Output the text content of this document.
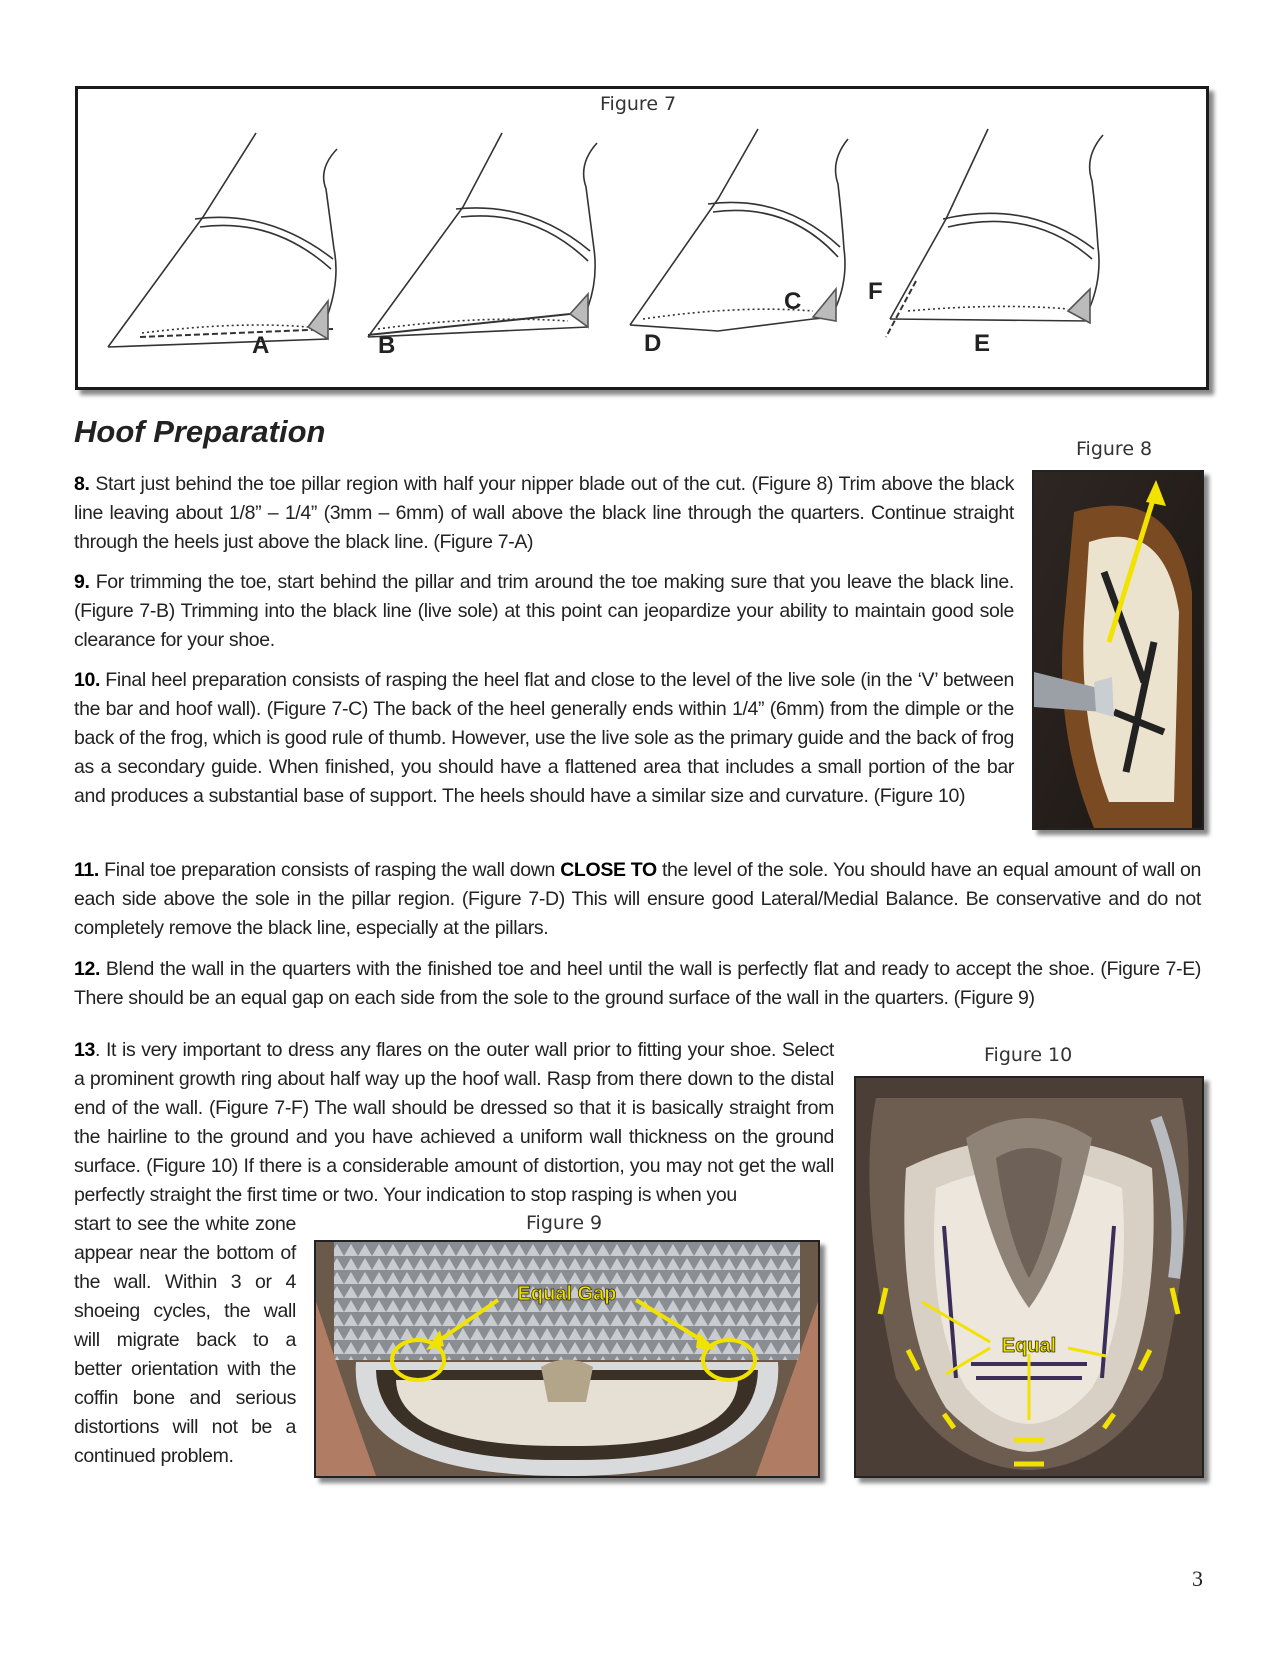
Figure 7
A	B
C
D	E
F
Hoof Preparation	Figure 8
8. Start just behind the toe pillar region with half your nipper blade out of the cut. (Figure 8) Trim above the black line leaving about 1/8” – 1/4” (3mm – 6mm) of wall above the black line through the quarters. Continue straight through the heels just above the black line. (Figure 7-A)
9. For trimming the toe, start behind the pillar and trim around the toe making sure that you leave the black line. (Figure 7-B) Trimming into the black line (live sole) at this point can jeopardize your ability to maintain good sole clearance for your shoe.
10. Final heel preparation consists of rasping the heel flat and close to the level of the live sole (in the ‘V’ between the bar and hoof wall). (Figure 7-C) The back of the heel generally ends within 1/4” (6mm) from the dimple or the back of the frog, which is good rule of thumb. However, use the live sole as the primary guide and the back of frog as a secondary guide. When finished, you should have a flattened area that includes a small portion of the bar and produces a substantial base of support. The heels should have a similar size and curvature. (Figure 10)
11. Final toe preparation consists of rasping the wall down CLOSE TO the level of the sole. You should have an equal amount of wall on each side above the sole in the pillar region. (Figure 7-D) This will ensure good Lateral/Medial Balance. Be conservative and do not completely remove the black line, especially at the pillars.
12. Blend the wall in the quarters with the finished toe and heel until the wall is perfectly flat and ready to accept the shoe. (Figure 7-E) There should be an equal gap on each side from the sole to the ground surface of the wall in the quarters. (Figure 9)
13. It is very important to dress any flares on the outer wall prior to fitting your shoe. Select a prominent growth ring about half way up the hoof wall. Rasp from there down to the distal end of the wall. (Figure 7-F) The wall should be dressed so that it is basically straight from the hairline to the ground and you have achieved a uniform wall thickness on the ground surface. (Figure 10) If there is a considerable amount of distortion, you may not get the wall perfectly straight the first time or two. Your indication to stop rasping is when you
start to see the white zone appear near the bottom of the wall. Within 3 or 4 shoeing cycles, the wall will migrate back to a better orientation with the coffin bone and serious distortions will not be a continued problem.
Figure 9
Equal Gap
Figure 10
Equal
3
